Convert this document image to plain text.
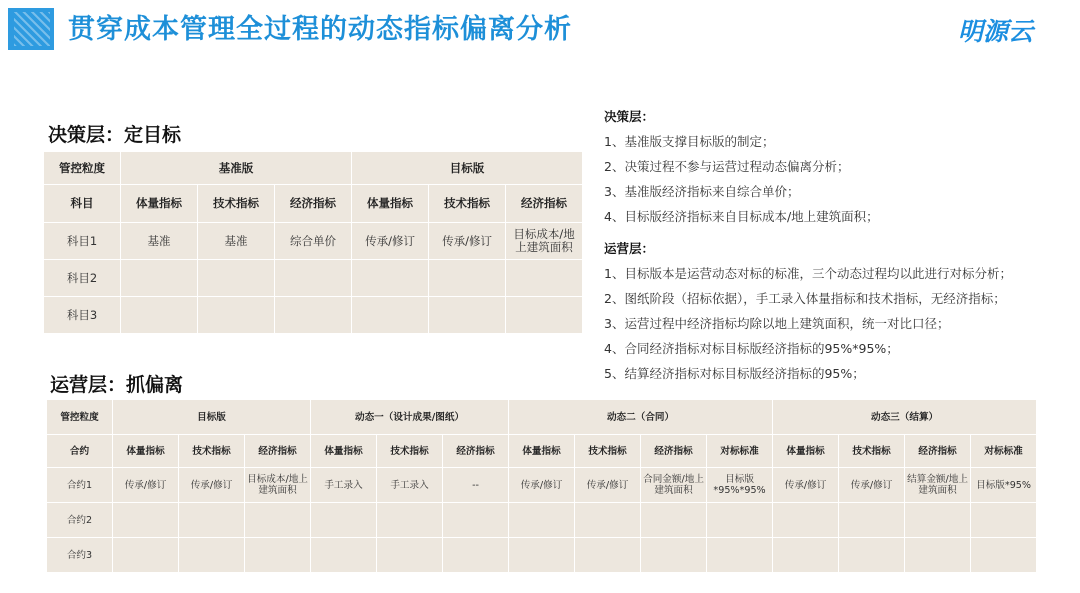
贯穿成本管理全过程的动态指标偏离分析	明源云
决策层：定目标
管控粒度	基准版			目标版		
科目	体量指标	技术指标	经济指标	体量指标	技术指标	经济指标
科目1	基准	基准	综合单价	传承/修订	传承/修订	目标成本/地上建筑面积
科目2						
科目3						
决策层：
1、基准版支撑目标版的制定；
2、决策过程不参与运营过程动态偏离分析；
3、基准版经济指标来自综合单价；
4、目标版经济指标来自目标成本/地上建筑面积；
运营层：
1、目标版本是运营动态对标的标准，三个动态过程均以此进行对标分析；
2、图纸阶段（招标依据），手工录入体量指标和技术指标，无经济指标；
3、运营过程中经济指标均除以地上建筑面积，统一对比口径；
4、合同经济指标对标目标版经济指标的95%*95%；
5、结算经济指标对标目标版经济指标的95%；
运营层：抓偏离
管控粒度	目标版			动态一（设计成果/图纸）			动态二（合同）				动态三（结算）			
合约	体量指标	技术指标	经济指标	体量指标	技术指标	经济指标	体量指标	技术指标	经济指标	对标标准	体量指标	技术指标	经济指标	对标标准
合约1	传承/修订	传承/修订	目标成本/地上建筑面积	手工录入	手工录入	--	传承/修订	传承/修订	合同金额/地上建筑面积	目标版*95%*95%	传承/修订	传承/修订	结算金额/地上建筑面积	目标版*95%
合约2														
合约3														
